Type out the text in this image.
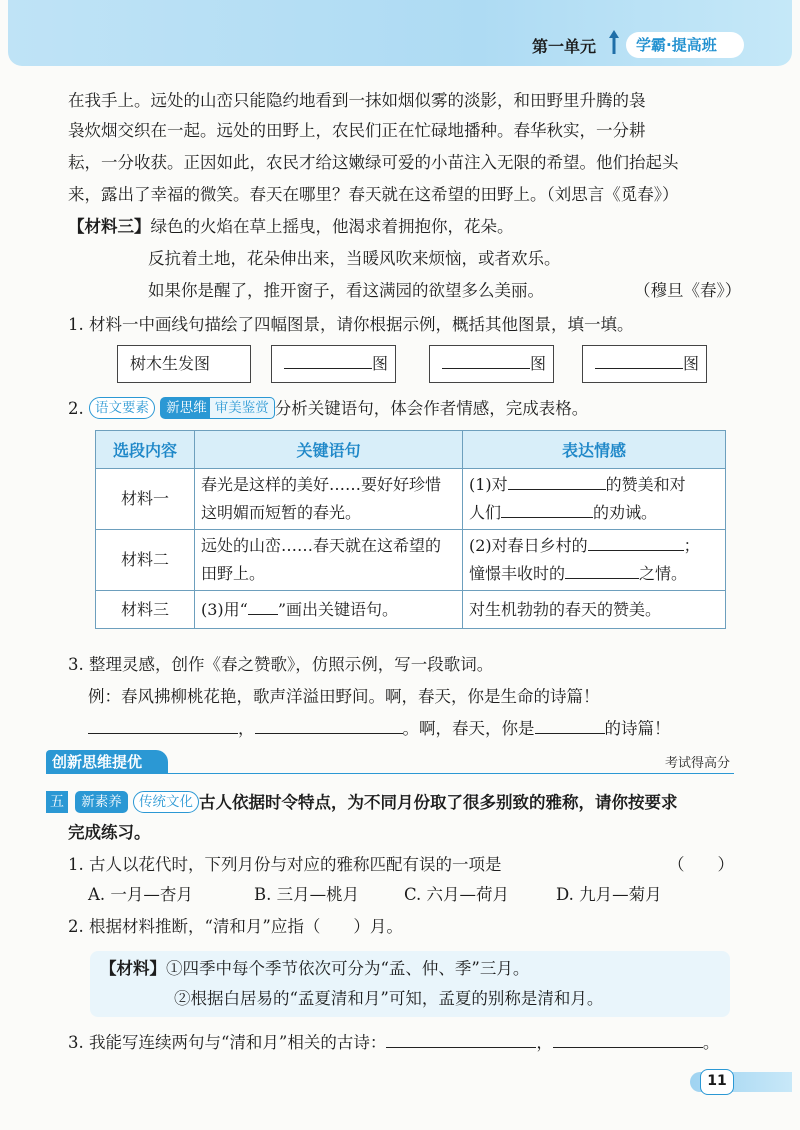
第一单元	学霸·提高班
在我手上。远处的山峦只能隐约地看到一抹如烟似雾的淡影，和田野里升腾的袅
袅炊烟交织在一起。远处的田野上，农民们正在忙碌地播种。春华秋实，一分耕
耘，一分收获。正因如此，农民才给这嫩绿可爱的小苗注入无限的希望。他们抬起头
来，露出了幸福的微笑。春天在哪里？春天就在这希望的田野上。（刘思言《觅春》）
【材料三】绿色的火焰在草上摇曳，他渴求着拥抱你，花朵。
反抗着土地，花朵伸出来，当暖风吹来烦恼，或者欢乐。
如果你是醒了，推开窗子，看这满园的欲望多么美丽。	（穆旦《春》）
1. 材料一中画线句描绘了四幅图景，请你根据示例，概括其他图景，填一填。
树木生发图	图	图	图
2. 语文要素 新思维 审美鉴赏 分析关键语句，体会作者情感，完成表格。
选段内容	关键语句	表达情感
材料一	春光是这样的美好……要好好珍惜这明媚而短暂的春光。	(1)对 的赞美和对
人们 的劝诫。
材料二	远处的山峦……春天就在这希望的田野上。	(2)对春日乡村的 ；
憧憬丰收时的 之情。
材料三	(3)用“ ”画出关键语句。	对生机勃勃的春天的赞美。
3. 整理灵感，创作《春之赞歌》，仿照示例，写一段歌词。
例：春风拂柳桃花艳，歌声洋溢田野间。啊，春天，你是生命的诗篇！
，	。啊，春天，你是	的诗篇！
创新思维提优	考试得高分
五 新素养 传统文化 古人依据时令特点，为不同月份取了很多别致的雅称，请你按要求
完成练习。
1. 古人以花代时，下列月份与对应的雅称匹配有误的一项是	（　　）
A. 一月—杏月	B. 三月—桃月	C. 六月—荷月	D. 九月—菊月
2. 根据材料推断，“清和月”应指（　　）月。
【材料】①四季中每个季节依次可分为“孟、仲、季”三月。
②根据白居易的“孟夏清和月”可知，孟夏的别称是清和月。
3. 我能写连续两句与“清和月”相关的古诗：	，	。
11
